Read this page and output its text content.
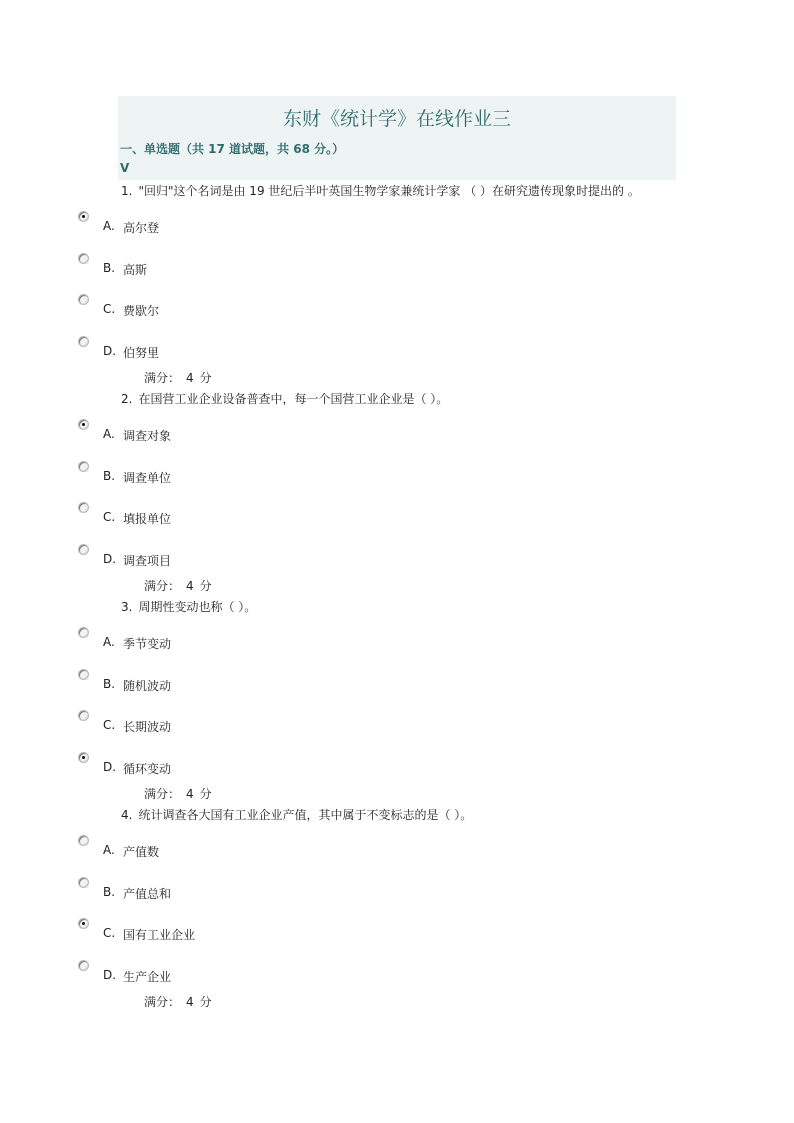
东财《统计学》在线作业三
一、单选题（共 17 道试题，共 68 分。）
V
1. "回归"这个名词是由 19 世纪后半叶英国生物学家兼统计学家 （ ）在研究遗传现象时提出的 。
A. 高尔登
B. 高斯
C. 费歇尔
D. 伯努里
满分： 4 分
2. 在国营工业企业设备普查中，每一个国营工业企业是（ ）。
A. 调查对象
B. 调查单位
C. 填报单位
D. 调查项目
满分： 4 分
3. 周期性变动也称（ ）。
A. 季节变动
B. 随机波动
C. 长期波动
D. 循环变动
满分： 4 分
4. 统计调查各大国有工业企业产值，其中属于不变标志的是（ ）。
A. 产值数
B. 产值总和
C. 国有工业企业
D. 生产企业
满分： 4 分
